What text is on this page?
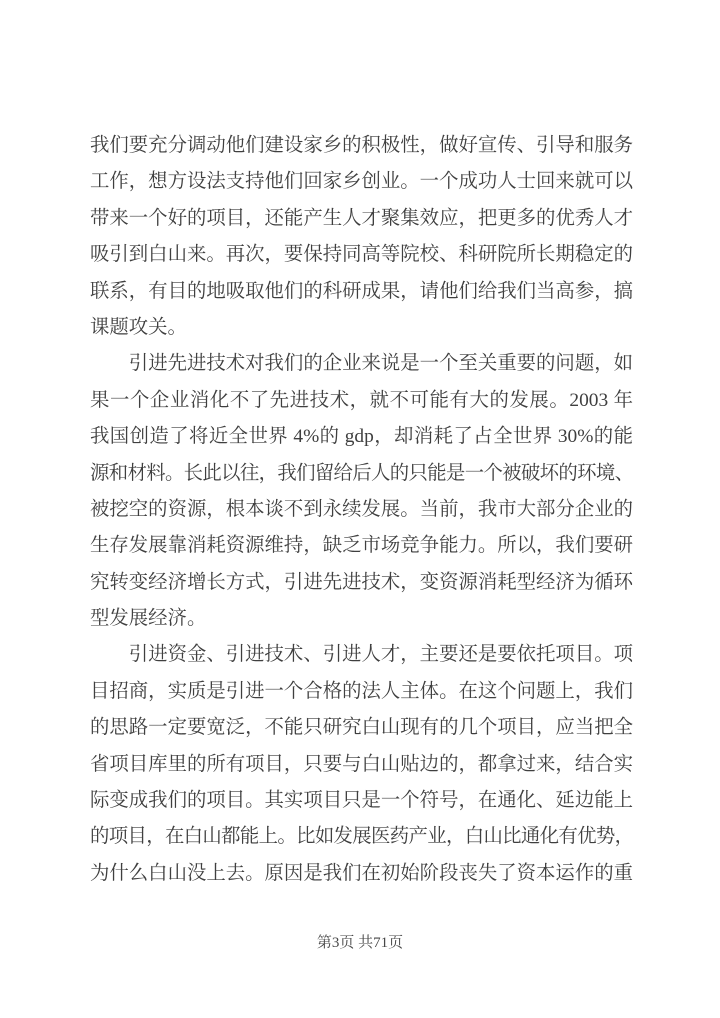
我们要充分调动他们建设家乡的积极性，做好宣传、引导和服务
工作，想方设法支持他们回家乡创业。一个成功人士回来就可以
带来一个好的项目，还能产生人才聚集效应，把更多的优秀人才
吸引到白山来。再次，要保持同高等院校、科研院所长期稳定的
联系，有目的地吸取他们的科研成果，请他们给我们当高参，搞
课题攻关。
引进先进技术对我们的企业来说是一个至关重要的问题，如
果一个企业消化不了先进技术，就不可能有大的发展。2003 年
我国创造了将近全世界 4%的 gdp，却消耗了占全世界 30%的能
源和材料。长此以往，我们留给后人的只能是一个被破坏的环境、
被挖空的资源，根本谈不到永续发展。当前，我市大部分企业的
生存发展靠消耗资源维持，缺乏市场竞争能力。所以，我们要研
究转变经济增长方式，引进先进技术，变资源消耗型经济为循环
型发展经济。
引进资金、引进技术、引进人才，主要还是要依托项目。项
目招商，实质是引进一个合格的法人主体。在这个问题上，我们
的思路一定要宽泛，不能只研究白山现有的几个项目，应当把全
省项目库里的所有项目，只要与白山贴边的，都拿过来，结合实
际变成我们的项目。其实项目只是一个符号，在通化、延边能上
的项目，在白山都能上。比如发展医药产业，白山比通化有优势，
为什么白山没上去。原因是我们在初始阶段丧失了资本运作的重
第3页 共71页
